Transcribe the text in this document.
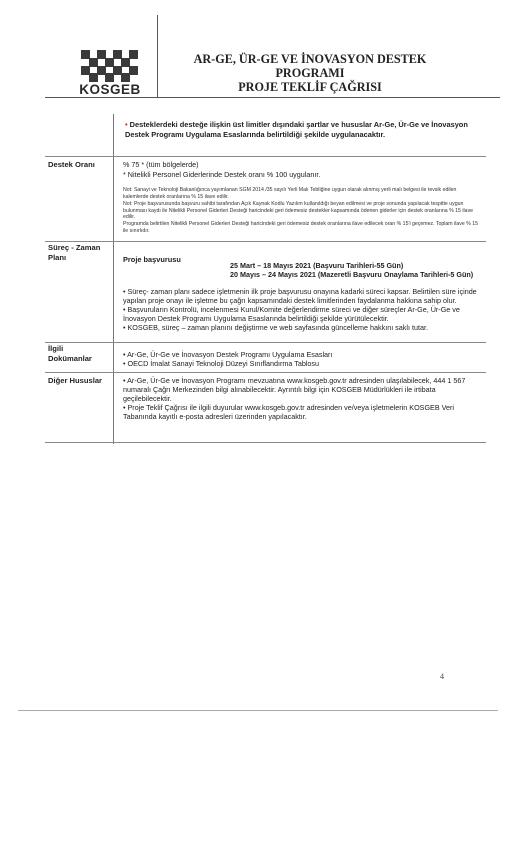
KOSGEB
AR-GE, ÜR-GE VE İNOVASYON DESTEK PROGRAMI
PROJE TEKLİF ÇAĞRISI
• Desteklerdeki desteğe ilişkin üst limitler dışındaki şartlar ve hususlar Ar-Ge, Ür-Ge ve İnovasyon Destek Programı Uygulama Esaslarında belirtildiği şekilde uygulanacaktır.
Destek Oranı	% 75 * (tüm bölgelerde)
* Nitelikli Personel Giderlerinde Destek oranı % 100 uygulanır.
Not: Sanayi ve Teknoloji Bakanlığınca yayımlanan SGM 2014 /35 sayılı Yerli Malı Tebliğine uygun olarak alınmış yerli malı belgesi ile tevsik edilen kalemlerde destek oranlarına % 15 ilave edilir.
Not: Proje başvurusunda başvuru sahibi tarafından Açık Kaynak Kodlu Yazılım kullanıldığı beyan edilmesi ve proje sonunda yapılacak tespitte uygun bulunması kaydı ile Nitelikli Personel Giderleri Desteği haricindeki geri ödemesiz destekler kapsamında ödenen giderler için destek oranlarına % 15 ilave edilir.
Programda belirtilen Nitelikli Personel Giderleri Desteği haricindeki geri ödemesiz destek oranlarına ilave edilecek oran % 15'i geçemez. Toplam ilave % 15 ile sınırlıdır.
Süreç - Zaman Planı	Proje başvurusu
25 Mart – 18 Mayıs 2021 (Başvuru Tarihleri-55 Gün)
20 Mayıs – 24 Mayıs 2021 (Mazeretli Başvuru Onaylama Tarihleri-5 Gün)
• Süreç- zaman planı sadece işletmenin ilk proje başvurusu onayına kadarki süreci kapsar. Belirtilen süre içinde yapılan proje onayı ile işletme bu çağrı kapsamındaki destek limitlerinden faydalanma hakkına sahip olur.
• Başvuruların Kontrolü, incelenmesi Kurul/Komite değerlendirme süreci ve diğer süreçler Ar-Ge, Ür-Ge ve İnovasyon Destek Programı Uygulama Esaslarında belirtildiği şekilde yürütülecektir.
• KOSGEB, süreç – zaman planını değiştirme ve web sayfasında güncelleme hakkını saklı tutar.
İlgili
Dokümanlar	• Ar-Ge, Ür-Ge ve İnovasyon Destek Programı Uygulama Esasları
• OECD İmalat Sanayi Teknoloji Düzeyi Sınıflandırma Tablosu
Diğer Hususlar	• Ar-Ge, Ür-Ge ve İnovasyon Programı mevzuatına www.kosgeb.gov.tr adresinden ulaşılabilecek, 444 1 567 numaralı Çağrı Merkezinden bilgi alınabilecektir. Ayrıntılı bilgi için KOSGEB Müdürlükleri ile irtibata geçilebilecektir.
• Proje Teklif Çağrısı ile ilgili duyurular www.kosgeb.gov.tr adresinden ve/veya işletmelerin KOSGEB Veri Tabanında kayıtlı e-posta adresleri üzerinden yapılacaktır.
4
